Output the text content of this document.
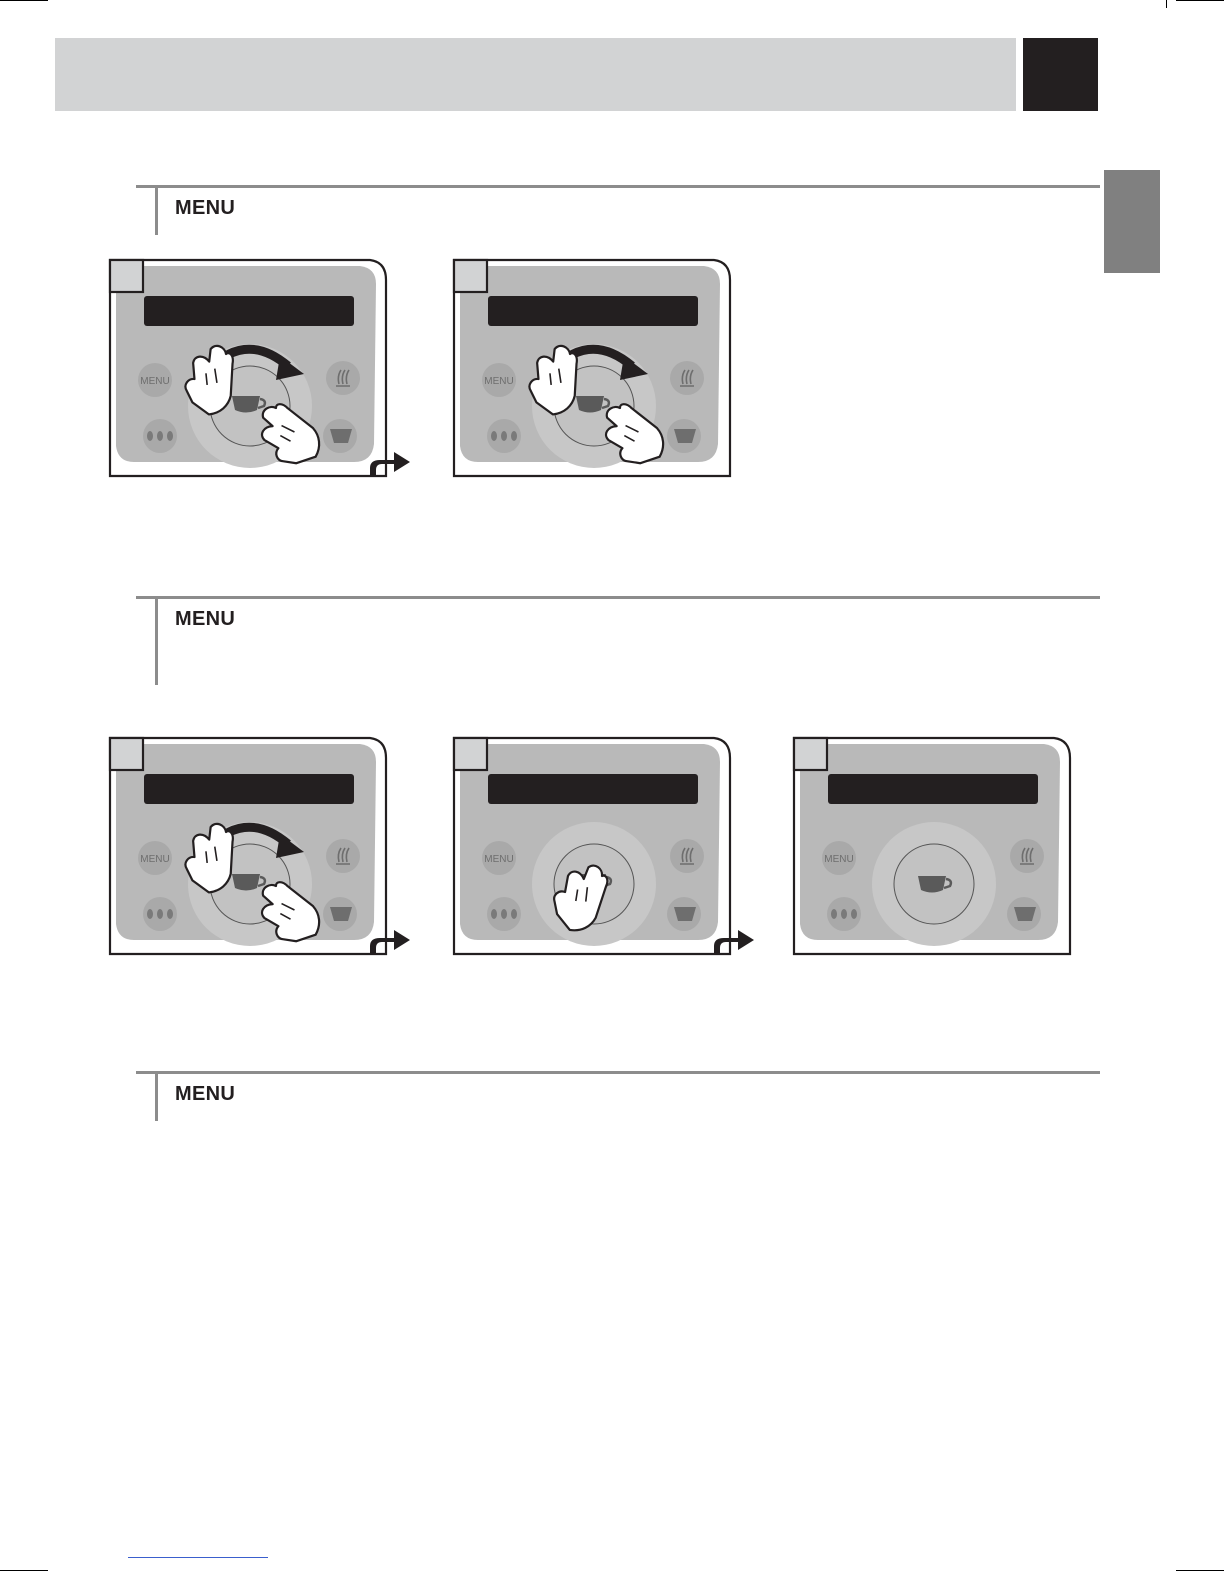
MENU
MENU
MENU
MENU	MENU
MENU	MENU	MENU
